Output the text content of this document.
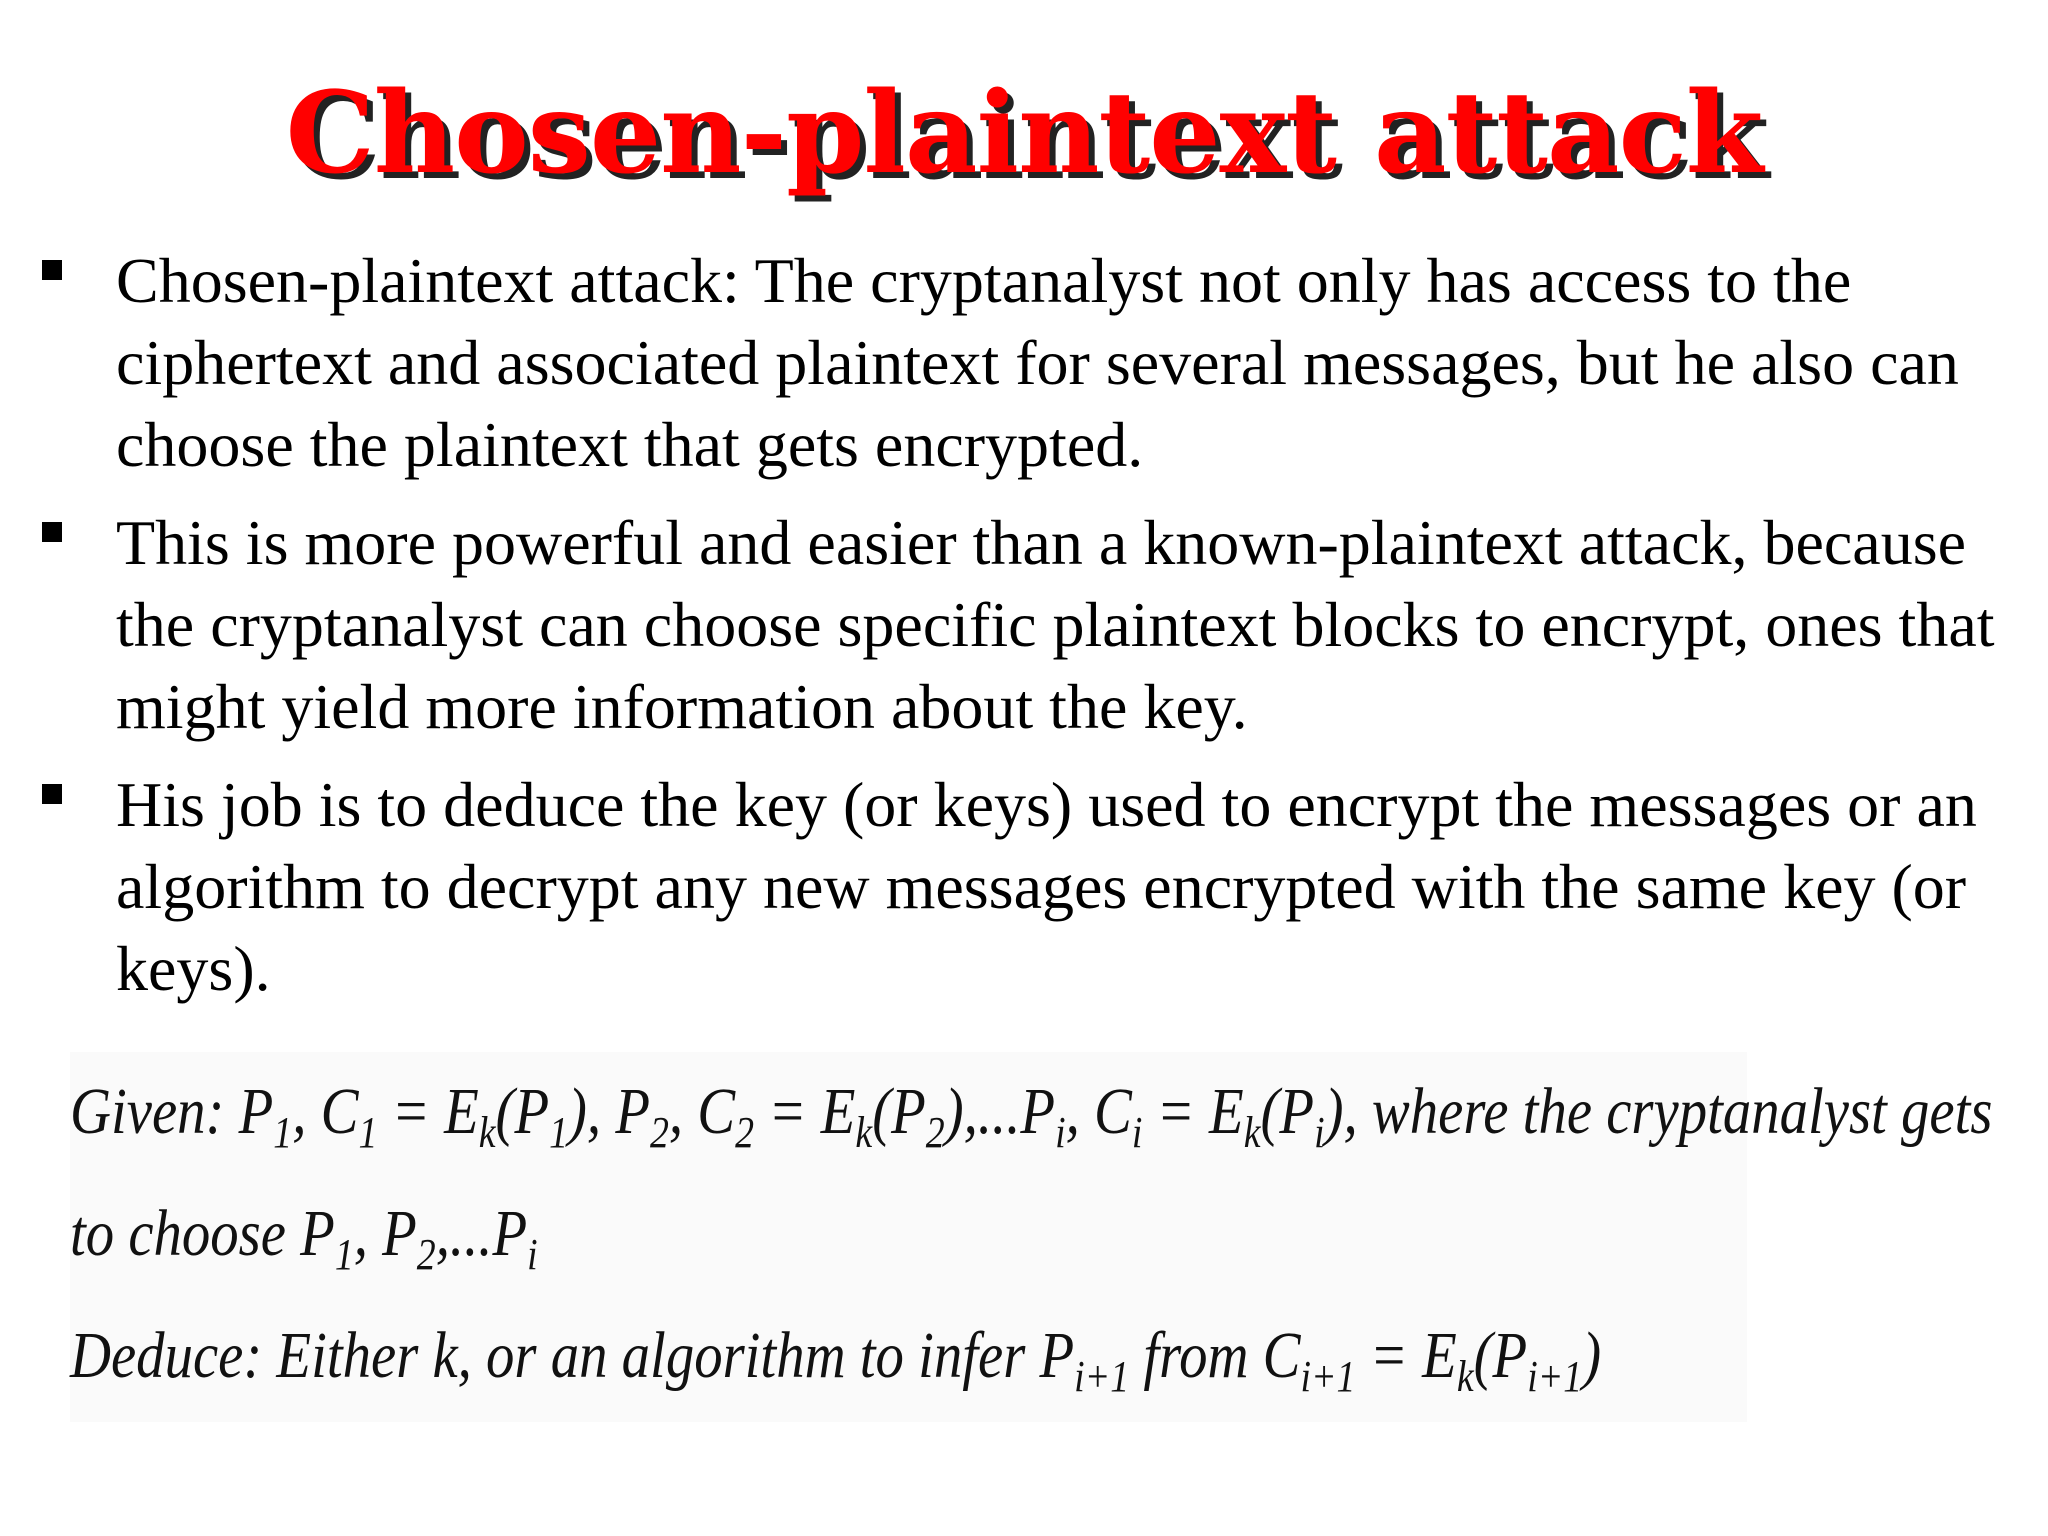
Chosen-plaintext attack
Chosen-plaintext attack: The cryptanalyst not only has access to the ciphertext and associated plaintext for several messages, but he also can choose the plaintext that gets encrypted.
This is more powerful and easier than a known-plaintext attack, because the cryptanalyst can choose specific plaintext blocks to encrypt, ones that might yield more information about the key.
His job is to deduce the key (or keys) used to encrypt the messages or an algorithm to decrypt any new messages encrypted with the same key (or keys).
Given: $P_1$, $C_1 = E_k(P_1)$, $P_2$, $C_2 = E_k(P_2),...P_i$, $C_i = E_k(P_i)$, where the cryptanalyst gets
to choose $P_1$, $P_2,...P_i$
Deduce: Either k, or an algorithm to infer $P_{i+1}$ from $C_{i+1} = E_k(P_{i+1})$
